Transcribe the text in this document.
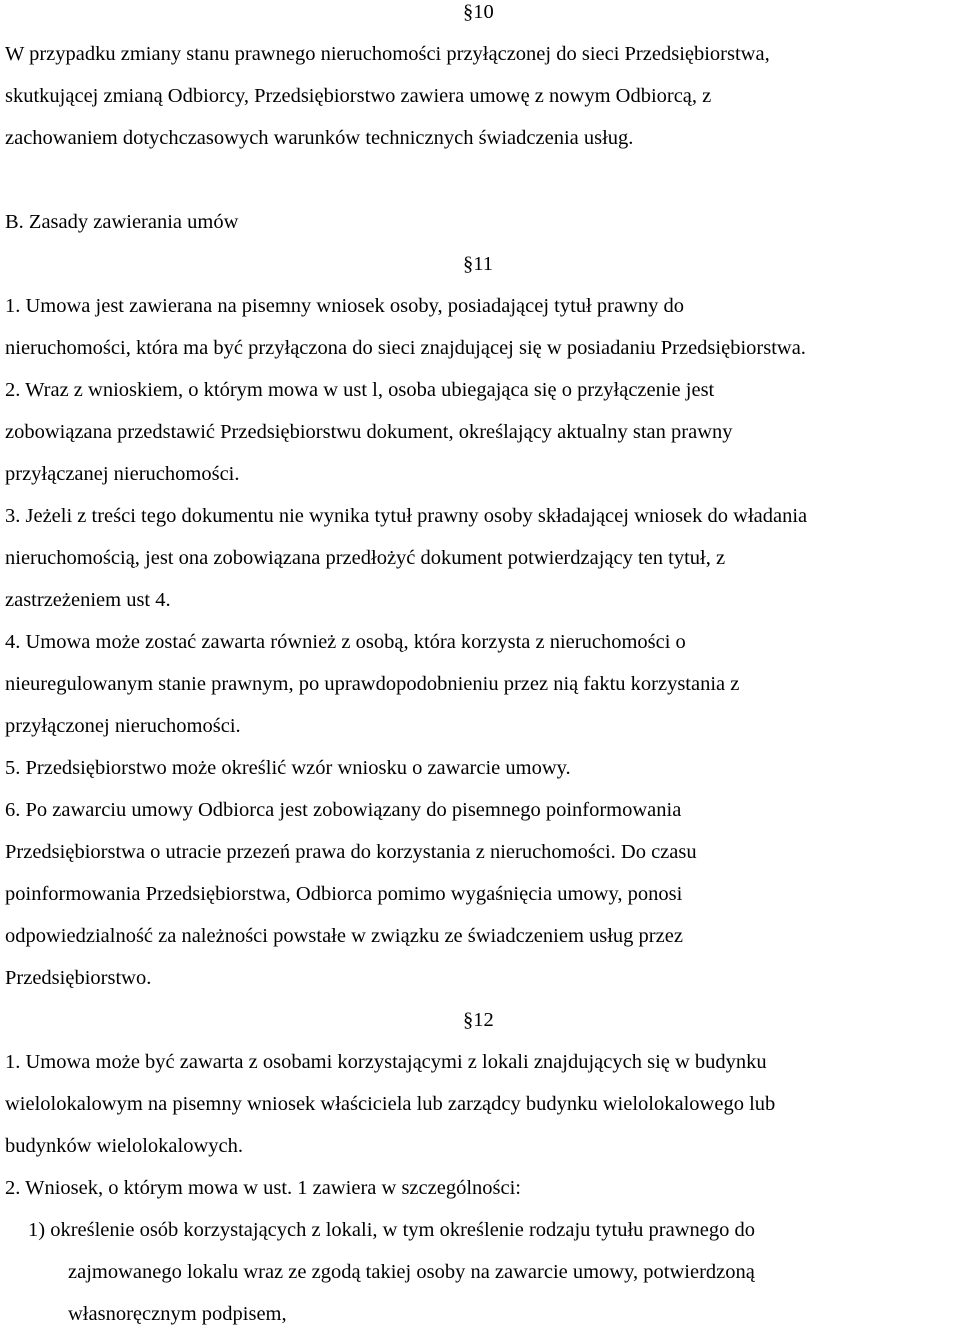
§10
W przypadku zmiany stanu prawnego nieruchomości przyłączonej do sieci Przedsiębiorstwa,
skutkującej zmianą Odbiorcy, Przedsiębiorstwo zawiera umowę z nowym Odbiorcą, z
zachowaniem dotychczasowych warunków technicznych świadczenia usług.
B. Zasady zawierania umów
§11
1. Umowa jest zawierana na pisemny wniosek osoby, posiadającej tytuł prawny do
nieruchomości, która ma być przyłączona do sieci znajdującej się w posiadaniu Przedsiębiorstwa.
2. Wraz z wnioskiem, o którym mowa w ust l, osoba ubiegająca się o przyłączenie jest
zobowiązana przedstawić Przedsiębiorstwu dokument, określający aktualny stan prawny
przyłączanej nieruchomości.
3. Jeżeli z treści tego dokumentu nie wynika tytuł prawny osoby składającej wniosek do władania
nieruchomością, jest ona zobowiązana przedłożyć dokument potwierdzający ten tytuł, z
zastrzeżeniem ust 4.
4. Umowa może zostać zawarta również z osobą, która korzysta z nieruchomości o
nieuregulowanym stanie prawnym, po uprawdopodobnieniu przez nią faktu korzystania z
przyłączonej nieruchomości.
5. Przedsiębiorstwo może określić wzór wniosku o zawarcie umowy.
6. Po zawarciu umowy Odbiorca jest zobowiązany do pisemnego poinformowania
Przedsiębiorstwa o utracie przezeń prawa do korzystania z nieruchomości. Do czasu
poinformowania Przedsiębiorstwa, Odbiorca pomimo wygaśnięcia umowy, ponosi
odpowiedzialność za należności powstałe w związku ze świadczeniem usług przez
Przedsiębiorstwo.
§12
1. Umowa może być zawarta z osobami korzystającymi z lokali znajdujących się w budynku
wielolokalowym na pisemny wniosek właściciela lub zarządcy budynku wielolokalowego lub
budynków wielolokalowych.
2. Wniosek, o którym mowa w ust. 1 zawiera w szczególności:
1) określenie osób korzystających z lokali, w tym określenie rodzaju tytułu prawnego do
zajmowanego lokalu wraz ze zgodą takiej osoby na zawarcie umowy, potwierdzoną
własnoręcznym podpisem,
